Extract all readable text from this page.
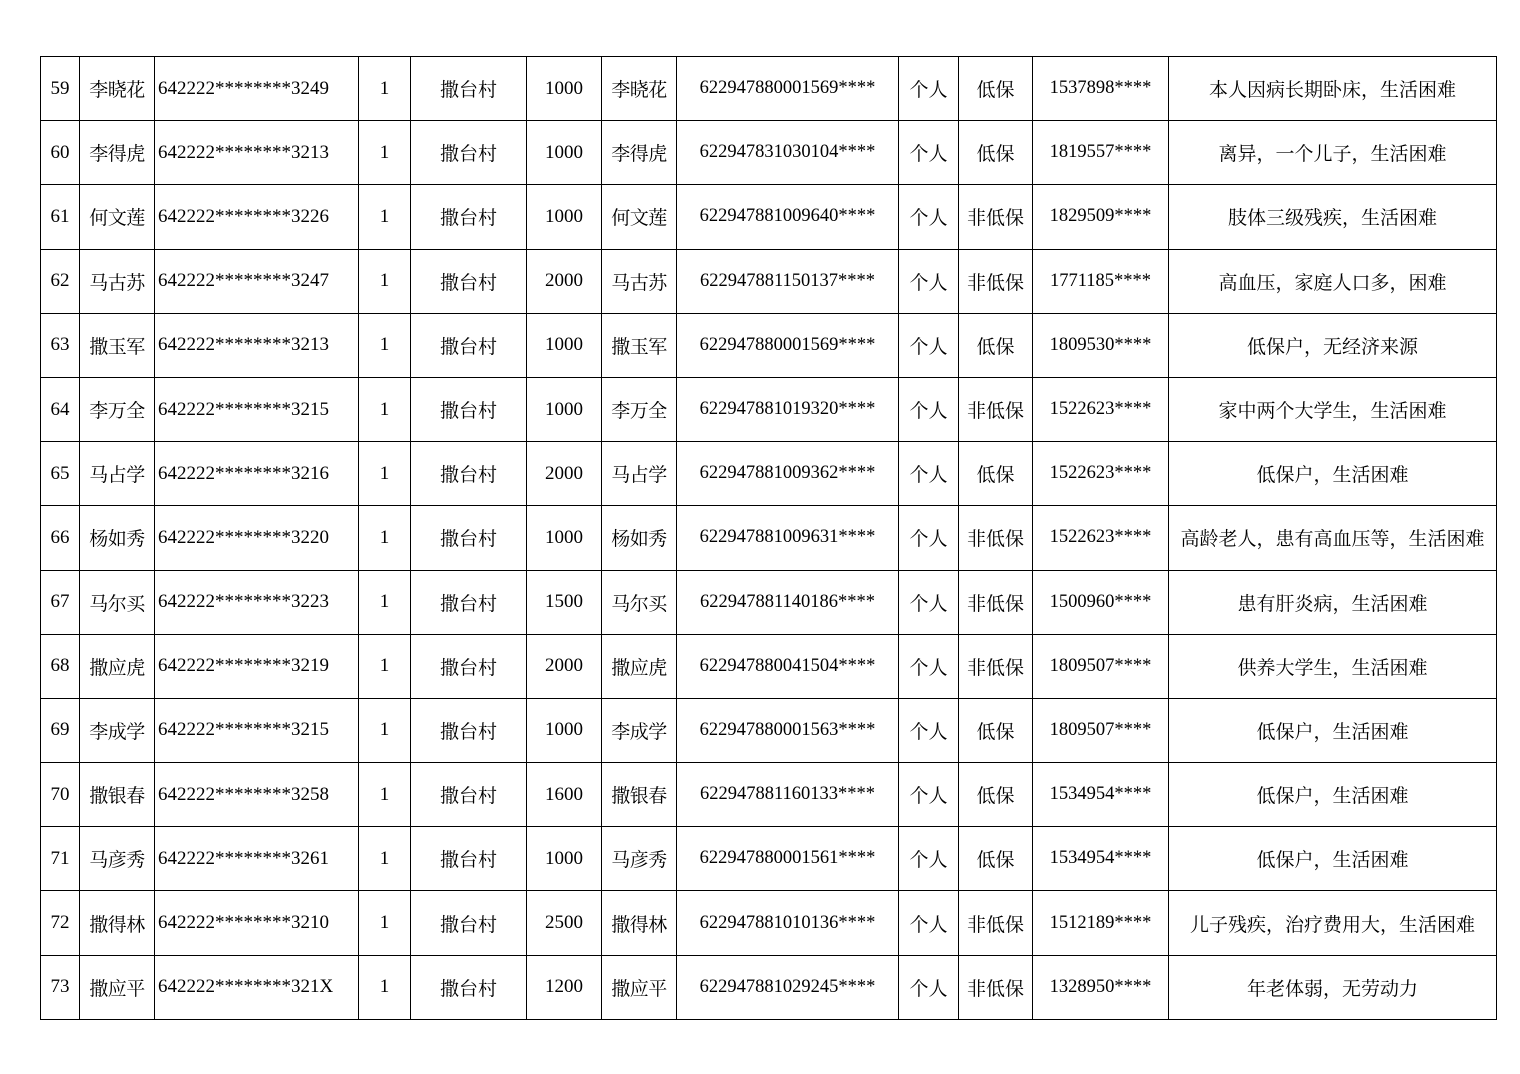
59	李晓花	642222********3249	1	撒台村	1000	李晓花	622947880001569****	个人	低保	1537898****	本人因病长期卧床，生活困难
60	李得虎	642222********3213	1	撒台村	1000	李得虎	622947831030104****	个人	低保	1819557****	离异，一个儿子，生活困难
61	何文莲	642222********3226	1	撒台村	1000	何文莲	622947881009640****	个人	非低保	1829509****	肢体三级残疾，生活困难
62	马古苏	642222********3247	1	撒台村	2000	马古苏	622947881150137****	个人	非低保	1771185****	高血压，家庭人口多，困难
63	撒玉军	642222********3213	1	撒台村	1000	撒玉军	622947880001569****	个人	低保	1809530****	低保户，无经济来源
64	李万全	642222********3215	1	撒台村	1000	李万全	622947881019320****	个人	非低保	1522623****	家中两个大学生，生活困难
65	马占学	642222********3216	1	撒台村	2000	马占学	622947881009362****	个人	低保	1522623****	低保户，生活困难
66	杨如秀	642222********3220	1	撒台村	1000	杨如秀	622947881009631****	个人	非低保	1522623****	高龄老人，患有高血压等，生活困难
67	马尔买	642222********3223	1	撒台村	1500	马尔买	622947881140186****	个人	非低保	1500960****	患有肝炎病，生活困难
68	撒应虎	642222********3219	1	撒台村	2000	撒应虎	622947880041504****	个人	非低保	1809507****	供养大学生，生活困难
69	李成学	642222********3215	1	撒台村	1000	李成学	622947880001563****	个人	低保	1809507****	低保户，生活困难
70	撒银春	642222********3258	1	撒台村	1600	撒银春	622947881160133****	个人	低保	1534954****	低保户，生活困难
71	马彦秀	642222********3261	1	撒台村	1000	马彦秀	622947880001561****	个人	低保	1534954****	低保户，生活困难
72	撒得林	642222********3210	1	撒台村	2500	撒得林	622947881010136****	个人	非低保	1512189****	儿子残疾，治疗费用大，生活困难
73	撒应平	642222********321X	1	撒台村	1200	撒应平	622947881029245****	个人	非低保	1328950****	年老体弱，无劳动力
